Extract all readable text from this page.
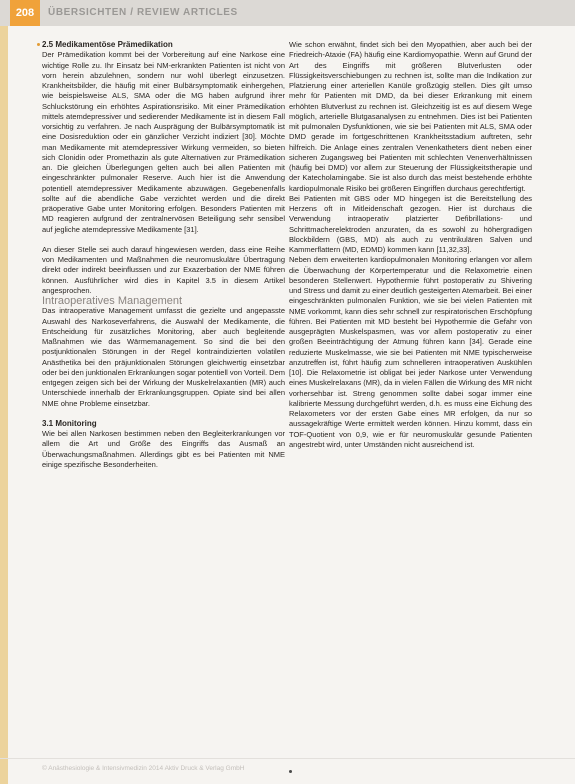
208	ÜBERSICHTEN / REVIEW ARTICLES

2.5 Medikamentöse Prämedikation

Der Prämedikation kommt bei der Vorbereitung auf eine Narkose eine wichtige Rolle zu. Ihr Einsatz bei NM-erkrankten Patienten ist nicht von vorn herein abzulehnen, sondern nur wohl überlegt einzusetzen. Krankheitsbilder, die häufig mit einer Bulbärsymptomatik einhergehen, wie beispielsweise ALS, SMA oder die MG haben aufgrund ihrer Schluckstörung ein erhöhtes Aspirationsrisiko. Mit einer Prämedikation mittels atemdepressiver und sedierender Medikamente ist in diesem Fall vorsichtig zu verfahren. Je nach Ausprägung der Bulbärsymptomatik ist eine Dosisreduktion oder ein gänzlicher Verzicht indiziert [30]. Möchte man Medikamente mit atemdepressiver Wirkung vermeiden, so bieten sich Clonidin oder Promethazin als gute Alternativen zur Prämedikation an. Die gleichen Überlegungen gelten auch bei allen Patienten mit eingeschränkter pulmonaler Reserve. Auch hier ist die Anwendung potentiell atemdepressiver Medikamente abzuwägen. Gegebenenfalls sollte auf die abendliche Gabe verzichtet werden und die direkt präoperative Gabe unter Monitoring erfolgen. Besonders Patienten mit MD reagieren aufgrund der zentralnervösen Beteiligung sehr sensibel auf jegliche atemdepressive Medikamente [31].

An dieser Stelle sei auch darauf hingewiesen werden, dass eine Reihe von Medikamenten und Maßnahmen die neuromuskuläre Übertragung direkt oder indirekt beeinflussen und zur Exazerbation der NME führen können. Ausführlicher wird dies in Kapitel 3.5 in diesem Artikel angesprochen.

Intraoperatives Management

Das intraoperative Management umfasst die gezielte und angepasste Auswahl des Narkoseverfahrens, die Auswahl der Medikamente, die Entscheidung für zusätzliches Monitoring, aber auch begleitende Maßnahmen wie das Wärmemanagement. So sind die bei den postjunktionalen Störungen in der Regel kontraindizierten volatilen Anästhetika bei den präjunktionalen Störungen gleichwertig einsetzbar oder bei den junktionalen Erkrankungen sogar potentiell von Vorteil. Dem entgegen zeigen sich bei der Wirkung der Muskelrelaxantien (MR) auch Unterschiede innerhalb der Erkrankungsgruppen. Opiate sind bei allen NME ohne Probleme einsetzbar.

3.1 Monitoring

Wie bei allen Narkosen bestimmen neben den Begleiterkrankungen vor allem die Art und Größe des Eingriffs das Ausmaß an Überwachungsmaßnahmen. Allerdings gibt es bei Patienten mit NME einige spezifische Besonderheiten.

Wie schon erwähnt, findet sich bei den Myopathien, aber auch bei der Friedreich-Ataxie (FA) häufig eine Kardiomyopathie. Wenn auf Grund der Art des Eingriffs mit größeren Blutverlusten oder Flüssigkeitsverschiebungen zu rechnen ist, sollte man die Indikation zur Platzierung einer arteriellen Kanüle großzügig stellen. Dies gilt umso mehr für Patienten mit DMD, da bei dieser Erkrankung mit einem erhöhten Blutverlust zu rechnen ist. Gleichzeitig ist es auf diesem Wege möglich, arterielle Blutgasanalysen zu entnehmen. Dies ist bei Patienten mit pulmonalen Dysfunktionen, wie sie bei Patienten mit ALS, SMA oder DMD gerade im fortgeschrittenen Krankheitsstadium auftreten, sehr hilfreich. Die Anlage eines zentralen Venenkatheters dient neben einer sicheren Zugangsweg bei Patienten mit schlechten Venenverhältnissen (häufig bei DMD) vor allem zur Steuerung der Flüssigkeitstherapie und der Katecholamingabe. Sie ist also durch das meist bestehende erhöhte kardiopulmonale Risiko bei größeren Eingriffen durchaus gerechtfertigt.

Bei Patienten mit GBS oder MD hingegen ist die Bereitstellung des Herzens oft in Mitleidenschaft gezogen. Hier ist durchaus die Verwendung intraoperativ platzierter Defibrillations- und Schrittmacherelektroden anzuraten, da es sowohl zu höhergradigen Blockbildern (GBS, MD) als auch zu ventrikulären Salven und Kammerflattern (MD, EDMD) kommen kann [11,32,33].

Neben dem erweiterten kardiopulmonalen Monitoring erlangen vor allem die Überwachung der Körpertemperatur und die Relaxometrie einen besonderen Stellenwert. Hypothermie führt postoperativ zu Shivering und Stress und damit zu einer deutlich gesteigerten Atemarbeit. Bei einer eingeschränkten pulmonalen Funktion, wie sie bei vielen Patienten mit NME vorkommt, kann dies sehr schnell zur respiratorischen Erschöpfung führen. Bei Patienten mit MD besteht bei Hypothermie die Gefahr von ausgeprägten Muskelspasmen, was vor allem postoperativ zu einer großen Beeinträchtigung der Atmung führen kann [34]. Gerade eine reduzierte Muskelmasse, wie sie bei Patienten mit NME typischerweise anzutreffen ist, führt häufig zum schnelleren intraoperativen Auskühlen [10]. Die Relaxometrie ist obligat bei jeder Narkose unter Verwendung eines Muskelrelaxans (MR), da in vielen Fällen die Wirkung des MR nicht vorhersehbar ist. Streng genommen sollte dabei sogar immer eine kalibrierte Messung durchgeführt werden, d.h. es muss eine Eichung des Relaxometers vor der ersten Gabe eines MR erfolgen, da nur so aussagekräftige Werte ermittelt werden können. Hinzu kommt, dass ein TOF-Quotient von 0,9, wie er für neuromuskulär gesunde Patienten angestrebt wird, unter Umständen nicht ausreichend ist.

© Anästhesiologie & Intensivmedizin 2014 Aktiv Druck & Verlag GmbH
